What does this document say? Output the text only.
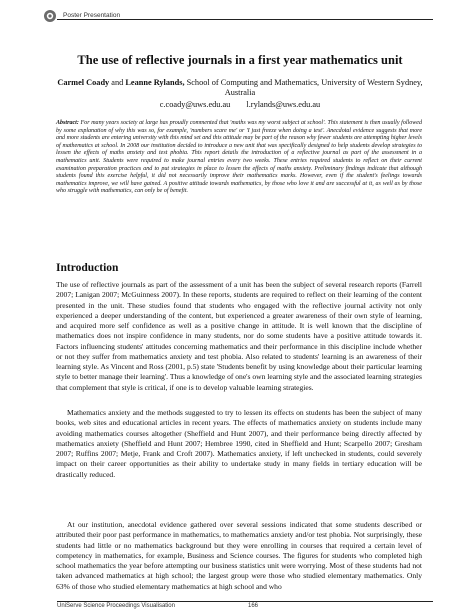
Poster Presentation
The use of reflective journals in a first year mathematics unit
Carmel Coady and Leanne Rylands, School of Computing and Mathematics, University of Western Sydney, Australia
c.coady@uws.edu.au l.rylands@uws.edu.au
Abstract: For many years society at large has proudly commented that 'maths was my worst subject at school'. This statement is then usually followed by some explanation of why this was so, for example, 'numbers scare me' or 'I just freeze when doing a test'. Anecdotal evidence suggests that more and more students are entering university with this mind set and this attitude may be part of the reason why fewer students are attempting higher levels of mathematics at school. In 2008 our institution decided to introduce a new unit that was specifically designed to help students develop strategies to lessen the effects of maths anxiety and test phobia. This report details the introduction of a reflective journal as part of the assessment in a mathematics unit. Students were required to make journal entries every two weeks. These entries required students to reflect on their current examination preparation practices and to put strategies in place to lessen the effects of maths anxiety. Preliminary findings indicate that although students found this exercise helpful, it did not necessarily improve their mathematics marks. However, even if the student's feelings towards mathematics improve, we will have gained. A positive attitude towards mathematics, by those who love it and are successful at it, as well as by those who struggle with mathematics, can only be of benefit.
Introduction
The use of reflective journals as part of the assessment of a unit has been the subject of several research reports (Farrell 2007; Lanigan 2007; McGuinness 2007). In these reports, students are required to reflect on their learning of the content presented in the unit. These studies found that students who engaged with the reflective journal activity not only experienced a deeper understanding of the content, but experienced a greater awareness of their own style of learning, and acquired more self confidence as well as a positive change in attitude. It is well known that the discipline of mathematics does not inspire confidence in many students, nor do some students have a positive attitude towards it. Factors influencing students' attitudes concerning mathematics and their performance in this discipline include whether or not they suffer from mathematics anxiety and test phobia. Also related to students' learning is an awareness of their learning style. As Vincent and Ross (2001, p.5) state 'Students benefit by using knowledge about their particular learning style to better manage their learning'. Thus a knowledge of one's own learning style and the associated learning strategies that complement that style is critical, if one is to develop valuable learning strategies.
Mathematics anxiety and the methods suggested to try to lessen its effects on students has been the subject of many books, web sites and educational articles in recent years. The effects of mathematics anxiety on students include many avoiding mathematics courses altogether (Sheffield and Hunt 2007), and their performance being directly affected by mathematics anxiety (Sheffield and Hunt 2007; Hembree 1990, cited in Sheffield and Hunt; Scarpello 2007; Gresham 2007; Ruffins 2007; Metje, Frank and Croft 2007). Mathematics anxiety, if left unchecked in students, could severely impact on their career opportunities as their ability to undertake study in many fields in tertiary education will be drastically reduced.
At our institution, anecdotal evidence gathered over several sessions indicated that some students described or attributed their poor past performance in mathematics, to mathematics anxiety and/or test phobia. Not surprisingly, these students had little or no mathematics background but they were enrolling in courses that required a certain level of competency in mathematics, for example, Business and Science courses. The figures for students who completed high school mathematics the year before attempting our business statistics unit were worrying. Most of these students had not taken advanced mathematics at high school; the largest group were those who studied elementary mathematics. Only 63% of those who studied elementary mathematics at high school and who
UniServe Science Proceedings Visualisation	166
